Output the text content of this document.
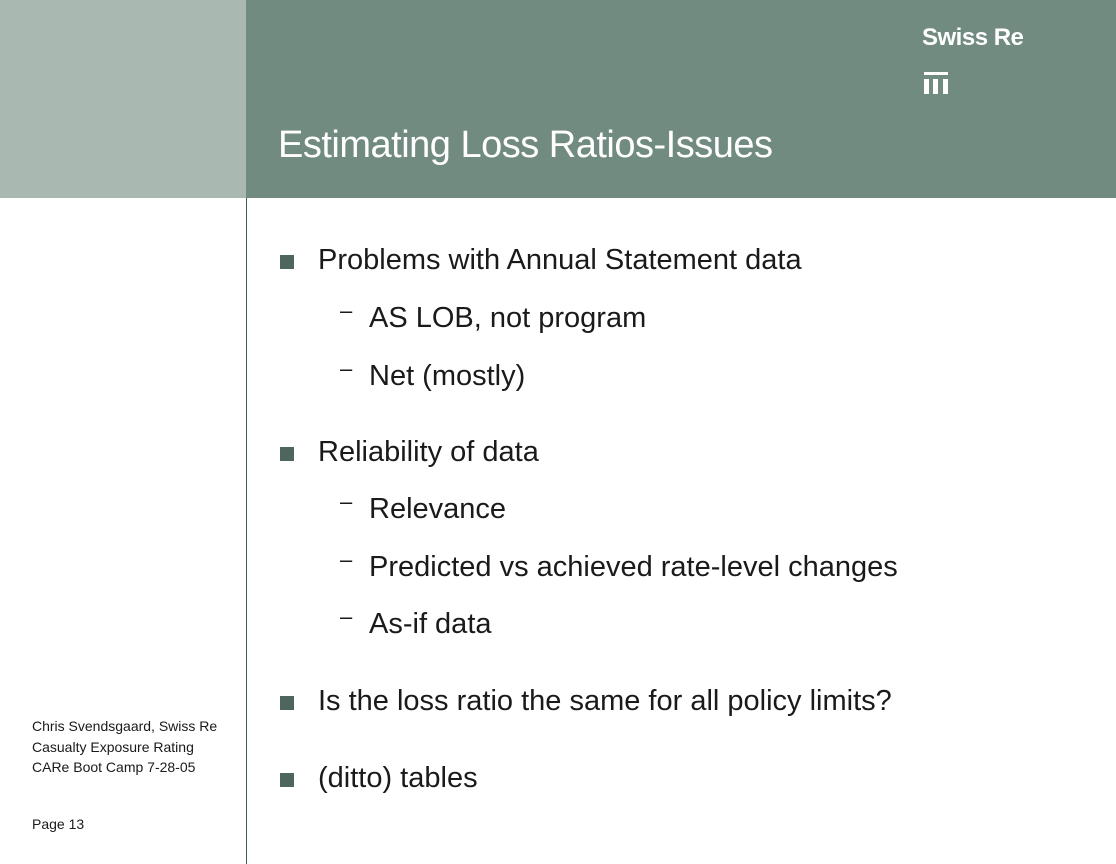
Swiss Re
Estimating Loss Ratios-Issues
Problems with Annual Statement data
– AS LOB, not program
– Net (mostly)
Reliability of data
– Relevance
– Predicted vs achieved rate-level changes
– As-if data
Is the loss ratio the same for all policy limits?
(ditto) tables
Chris Svendsgaard, Swiss Re
Casualty Exposure Rating
CARe Boot Camp 7-28-05
Page 13
